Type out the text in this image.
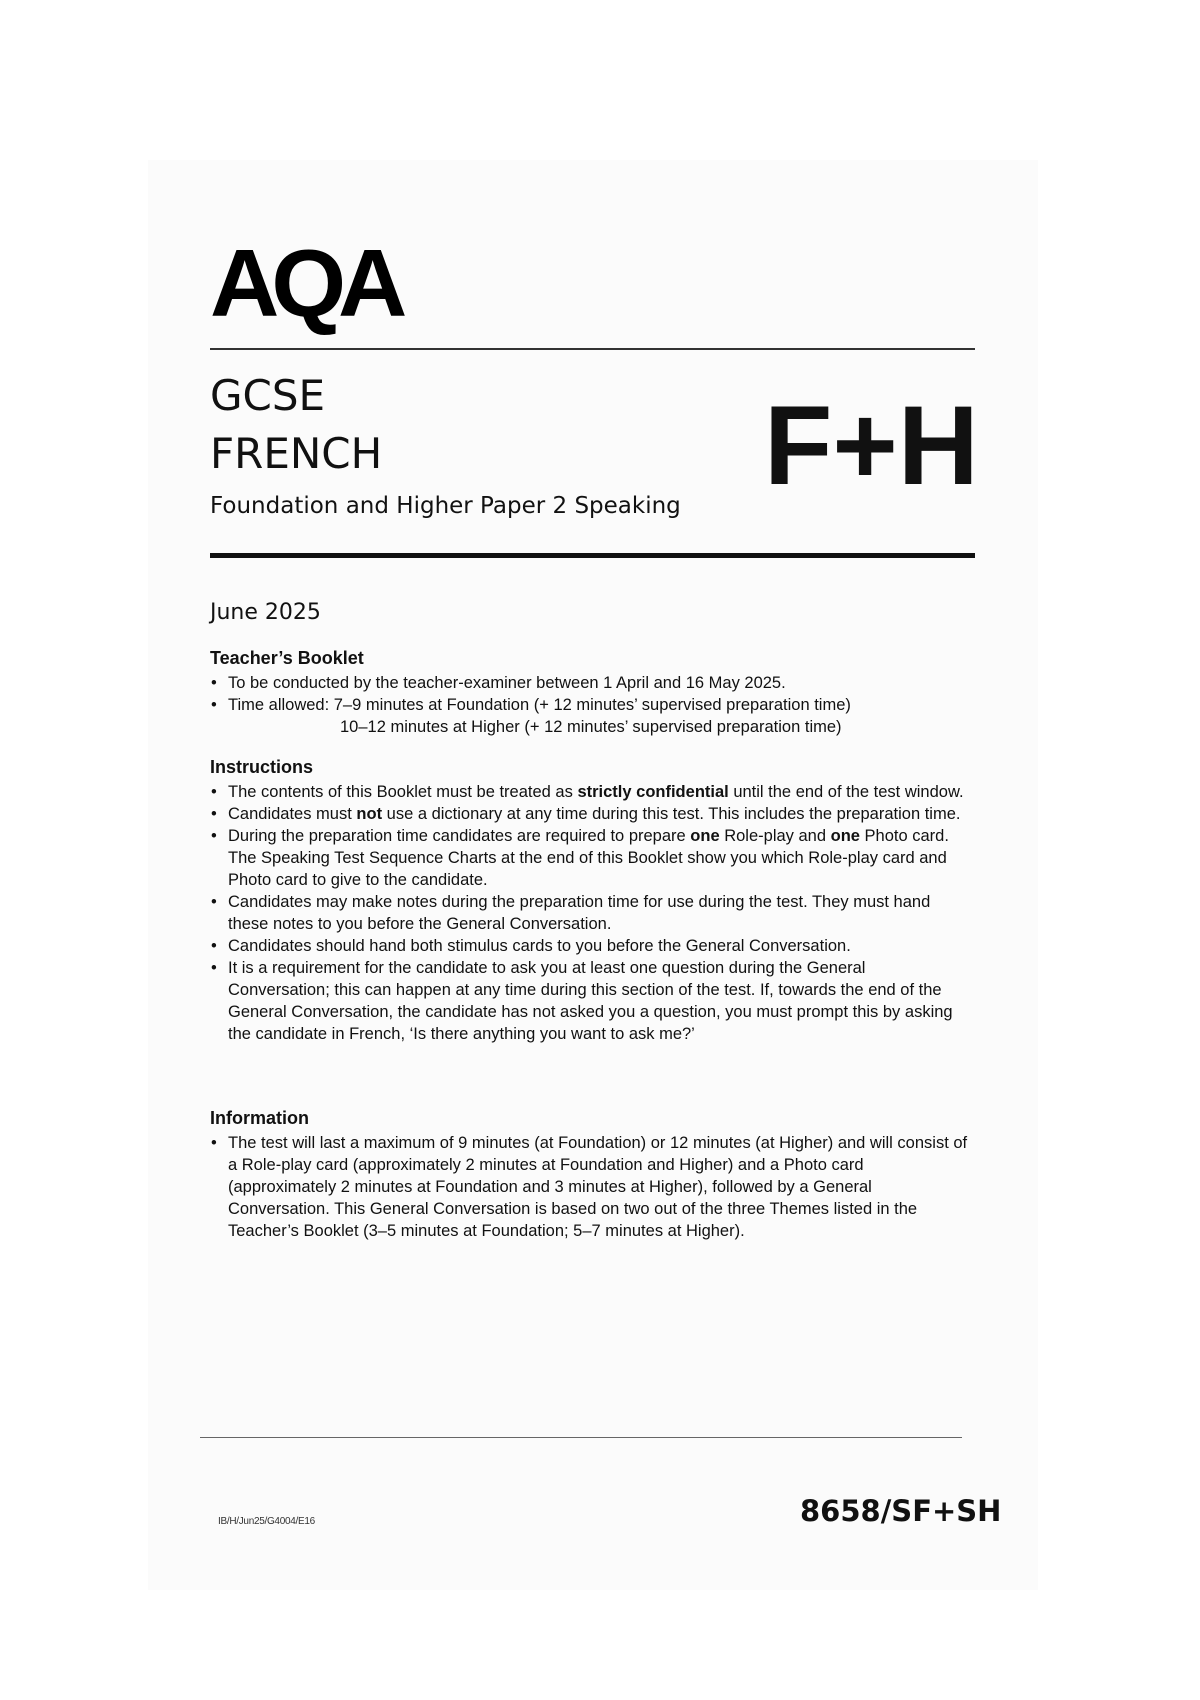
AQA
GCSE
FRENCH
Foundation and Higher Paper 2 Speaking F+H
June 2025
Teacher’s Booklet
• To be conducted by the teacher-examiner between 1 April and 16 May 2025.
• Time allowed: 7–9 minutes at Foundation (+ 12 minutes’ supervised preparation time)
10–12 minutes at Higher (+ 12 minutes’ supervised preparation time)
Instructions
• The contents of this Booklet must be treated as strictly confidential until the end of the test window.
• Candidates must not use a dictionary at any time during this test. This includes the preparation time.
• During the preparation time candidates are required to prepare one Role-play and one Photo card. The Speaking Test Sequence Charts at the end of this Booklet show you which Role-play card and Photo card to give to the candidate.
• Candidates may make notes during the preparation time for use during the test. They must hand these notes to you before the General Conversation.
• Candidates should hand both stimulus cards to you before the General Conversation.
• It is a requirement for the candidate to ask you at least one question during the General Conversation; this can happen at any time during this section of the test. If, towards the end of the General Conversation, the candidate has not asked you a question, you must prompt this by asking the candidate in French, ‘Is there anything you want to ask me?’
Information
• The test will last a maximum of 9 minutes (at Foundation) or 12 minutes (at Higher) and will consist of a Role-play card (approximately 2 minutes at Foundation and Higher) and a Photo card (approximately 2 minutes at Foundation and 3 minutes at Higher), followed by a General Conversation. This General Conversation is based on two out of the three Themes listed in the Teacher’s Booklet (3–5 minutes at Foundation; 5–7 minutes at Higher).
IB/H/Jun25/G4004/E16	8658/SF+SH
